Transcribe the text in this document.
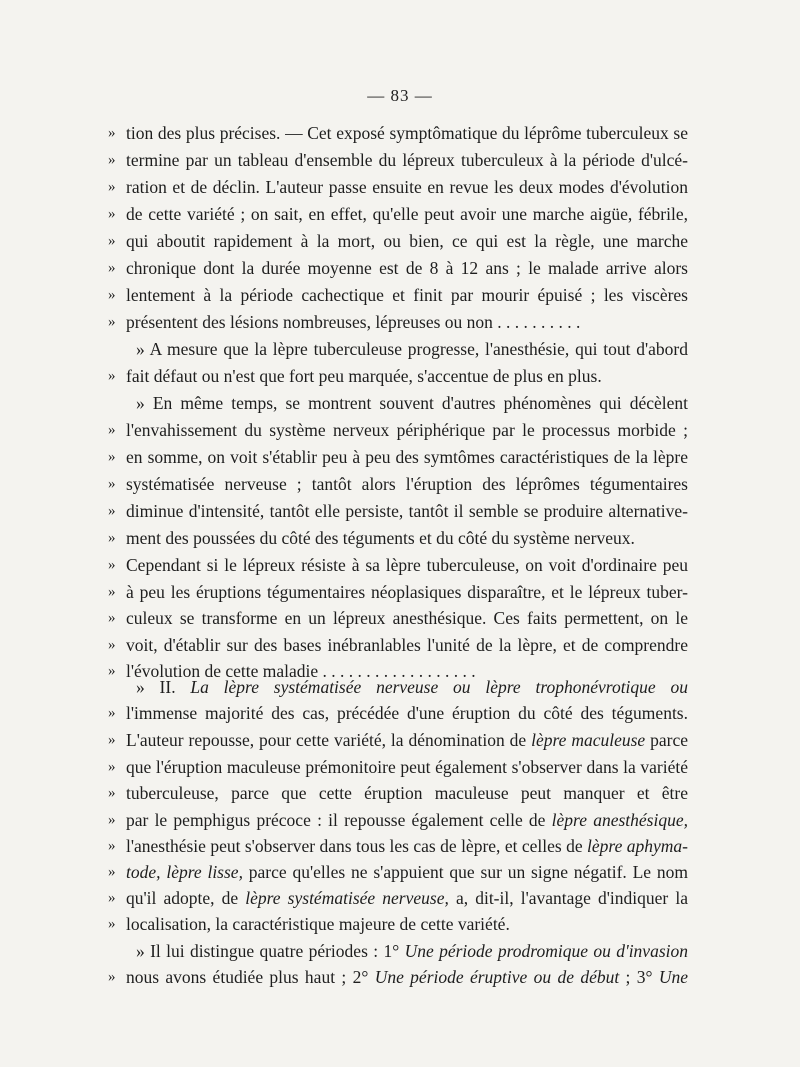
— 83 —
» tion des plus précises. — Cet exposé symptômatique du léprôme tuberculeux se
» termine par un tableau d'ensemble du lépreux tuberculeux à la période d'ulcé-
» ration et de déclin. L'auteur passe ensuite en revue les deux modes d'évolution
» de cette variété ; on sait, en effet, qu'elle peut avoir une marche aigüe, fébrile,
» qui aboutit rapidement à la mort, ou bien, ce qui est la règle, une marche
» chronique dont la durée moyenne est de 8 à 12 ans ; le malade arrive alors
» lentement à la période cachectique et finit par mourir épuisé ; les viscères
» présentent des lésions nombreuses, lépreuses ou non . . . . . . . . . .
» A mesure que la lèpre tuberculeuse progresse, l'anesthésie, qui tout d'abord
» fait défaut ou n'est que fort peu marquée, s'accentue de plus en plus.
» En même temps, se montrent souvent d'autres phénomènes qui décèlent
» l'envahissement du système nerveux périphérique par le processus morbide ;
» en somme, on voit s'établir peu à peu des symtômes caractéristiques de la lèpre
» systématisée nerveuse ; tantôt alors l'éruption des léprômes tégumentaires
» diminue d'intensité, tantôt elle persiste, tantôt il semble se produire alternative-
» ment des poussées du côté des téguments et du côté du système nerveux.
» Cependant si le lépreux résiste à sa lèpre tuberculeuse, on voit d'ordinaire peu
» à peu les éruptions tégumentaires néoplasiques disparaître, et le lépreux tuber-
» culeux se transforme en un lépreux anesthésique. Ces faits permettent, on le
» voit, d'établir sur des bases inébranlables l'unité de la lèpre, et de comprendre
» l'évolution de cette maladie . . . . . . . . . . . . . . . . . .
» II. La lèpre systématisée nerveuse ou lèpre trophonévrotique ou
» l'immense majorité des cas, précédée d'une éruption du côté des téguments.
» L'auteur repousse, pour cette variété, la dénomination de lèpre maculeuse parce
» que l'éruption maculeuse prémonitoire peut également s'observer dans la variété
» tuberculeuse, parce que cette éruption maculeuse peut manquer et être
» par le pemphigus précoce : il repousse également celle de lèpre anesthésique,
» l'anesthésie peut s'observer dans tous les cas de lèpre, et celles de lèpre aphyma-
» tode, lèpre lisse, parce qu'elles ne s'appuient que sur un signe négatif. Le nom
» qu'il adopte, de lèpre systématisée nerveuse, a, dit-il, l'avantage d'indiquer la
» localisation, la caractéristique majeure de cette variété.
» Il lui distingue quatre périodes : 1° Une période prodromique ou d'invasion
» nous avons étudiée plus haut ; 2° Une période éruptive ou de début ; 3° Une
